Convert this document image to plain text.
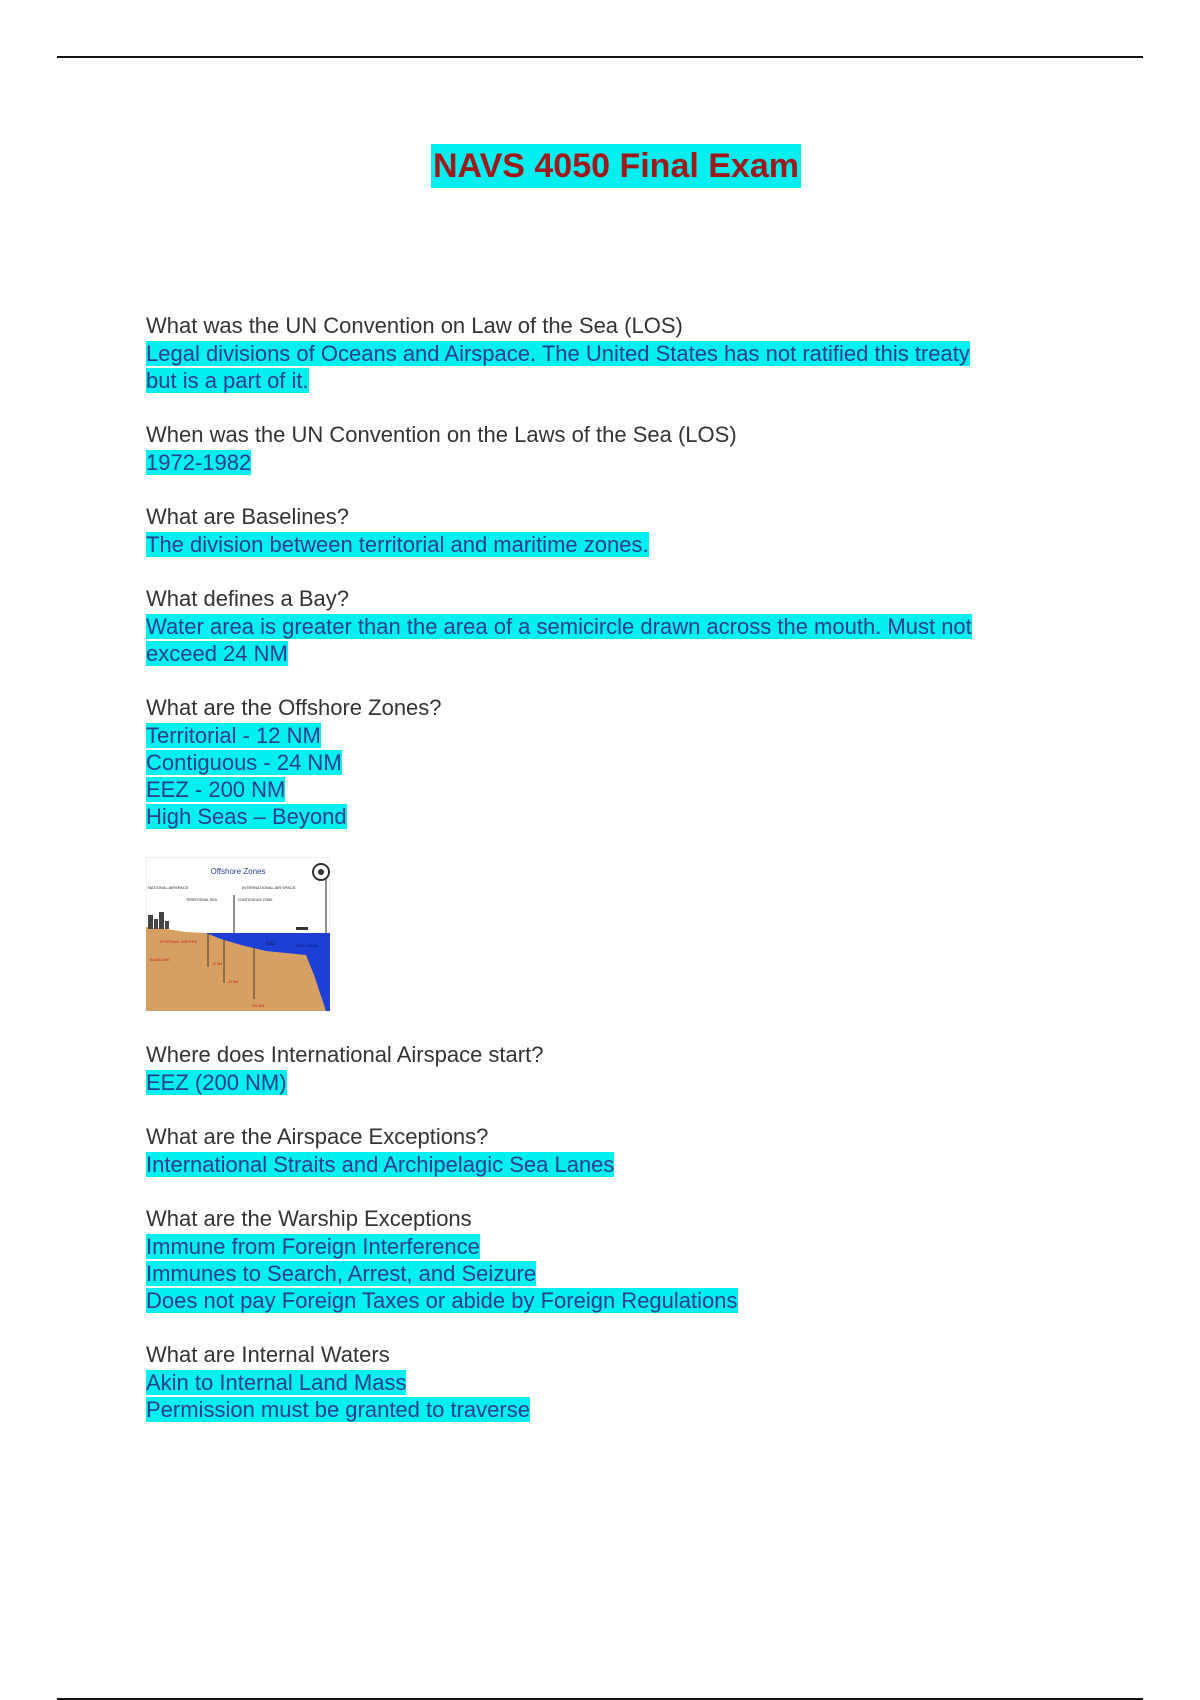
NAVS 4050 Final Exam
What was the UN Convention on Law of the Sea (LOS)
Legal divisions of Oceans and Airspace. The United States has not ratified this treaty
but is a part of it.
When was the UN Convention on the Laws of the Sea (LOS)
1972-1982
What are Baselines?
The division between territorial and maritime zones.
What defines a Bay?
Water area is greater than the area of a semicircle drawn across the mouth. Must not
exceed 24 NM
What are the Offshore Zones?
Territorial - 12 NM
Contiguous - 24 NM
EEZ - 200 NM
High Seas – Beyond
Offshore Zones
NATIONAL AIRSPACE	INTERNATIONAL AIR SPACE
TERRITORIAL SEA	CONTIGUOUS ZONE
INTERNAL WATERS
BASELINE
EEZ	HIGH SEAS
12 NM
24 NM
200 NM
Where does International Airspace start?
EEZ (200 NM)
What are the Airspace Exceptions?
International Straits and Archipelagic Sea Lanes
What are the Warship Exceptions
Immune from Foreign Interference
Immunes to Search, Arrest, and Seizure
Does not pay Foreign Taxes or abide by Foreign Regulations
What are Internal Waters
Akin to Internal Land Mass
Permission must be granted to traverse
